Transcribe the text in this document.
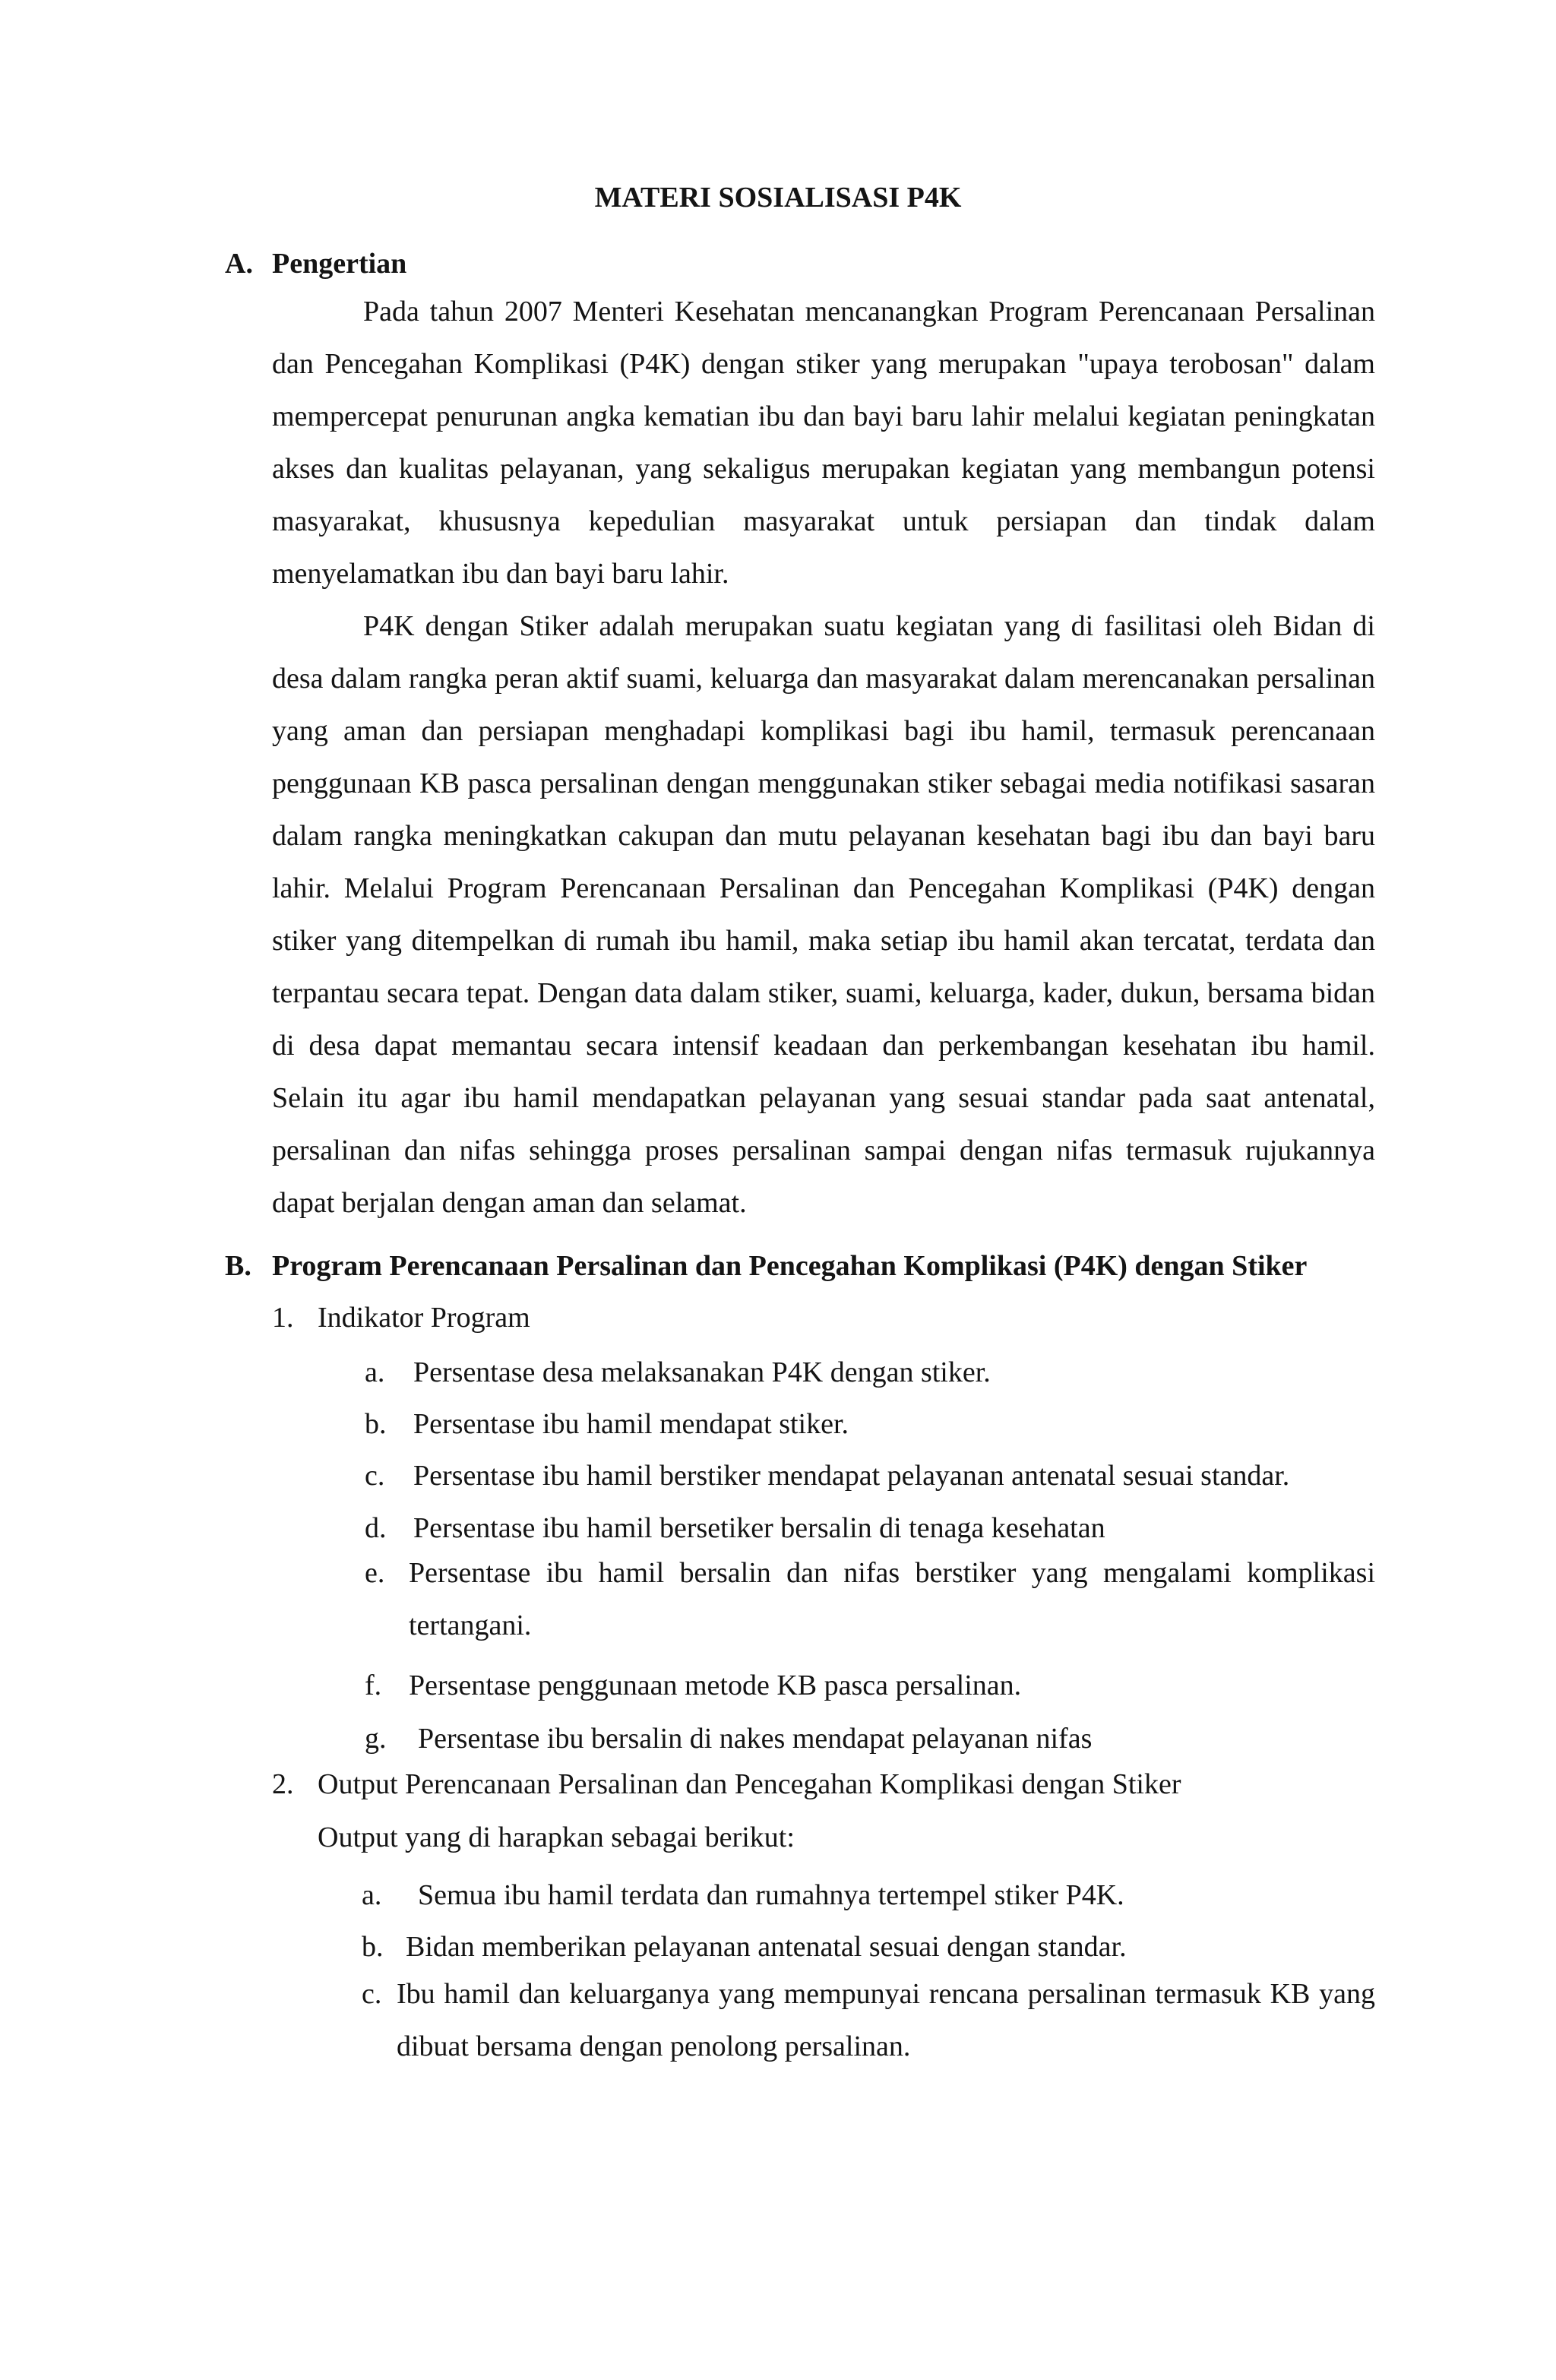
MATERI SOSIALISASI P4K
A. Pengertian

Pada tahun 2007 Menteri Kesehatan mencanangkan Program Perencanaan Persalinan dan Pencegahan Komplikasi (P4K) dengan stiker yang merupakan "upaya terobosan" dalam mempercepat penurunan angka kematian ibu dan bayi baru lahir melalui kegiatan peningkatan akses dan kualitas pelayanan, yang sekaligus merupakan kegiatan yang membangun potensi masyarakat, khususnya kepedulian masyarakat untuk persiapan dan tindak dalam menyelamatkan ibu dan bayi baru lahir.

P4K dengan Stiker adalah merupakan suatu kegiatan yang di fasilitasi oleh Bidan di desa dalam rangka peran aktif suami, keluarga dan masyarakat dalam merencanakan persalinan yang aman dan persiapan menghadapi komplikasi bagi ibu hamil, termasuk perencanaan penggunaan KB pasca persalinan dengan menggunakan stiker sebagai media notifikasi sasaran dalam rangka meningkatkan cakupan dan mutu pelayanan kesehatan bagi ibu dan bayi baru lahir. Melalui Program Perencanaan Persalinan dan Pencegahan Komplikasi (P4K) dengan stiker yang ditempelkan di rumah ibu hamil, maka setiap ibu hamil akan tercatat, terdata dan terpantau secara tepat. Dengan data dalam stiker, suami, keluarga, kader, dukun, bersama bidan di desa dapat memantau secara intensif keadaan dan perkembangan kesehatan ibu hamil. Selain itu agar ibu hamil mendapatkan pelayanan yang sesuai standar pada saat antenatal, persalinan dan nifas sehingga proses persalinan sampai dengan nifas termasuk rujukannya dapat berjalan dengan aman dan selamat.

B. Program Perencanaan Persalinan dan Pencegahan Komplikasi (P4K) dengan Stiker
1. Indikator Program
a. Persentase desa melaksanakan P4K dengan stiker.
b. Persentase ibu hamil mendapat stiker.
c. Persentase ibu hamil berstiker mendapat pelayanan antenatal sesuai standar.
d. Persentase ibu hamil bersetiker bersalin di tenaga kesehatan
e. Persentase ibu hamil bersalin dan nifas berstiker yang mengalami komplikasi tertangani.
f. Persentase penggunaan metode KB pasca persalinan.
g. Persentase ibu bersalin di nakes mendapat pelayanan nifas
2. Output Perencanaan Persalinan dan Pencegahan Komplikasi dengan Stiker
Output yang di harapkan sebagai berikut:
a. Semua ibu hamil terdata dan rumahnya tertempel stiker P4K.
b. Bidan memberikan pelayanan antenatal sesuai dengan standar.
c. Ibu hamil dan keluarganya yang mempunyai rencana persalinan termasuk KB yang dibuat bersama dengan penolong persalinan.
